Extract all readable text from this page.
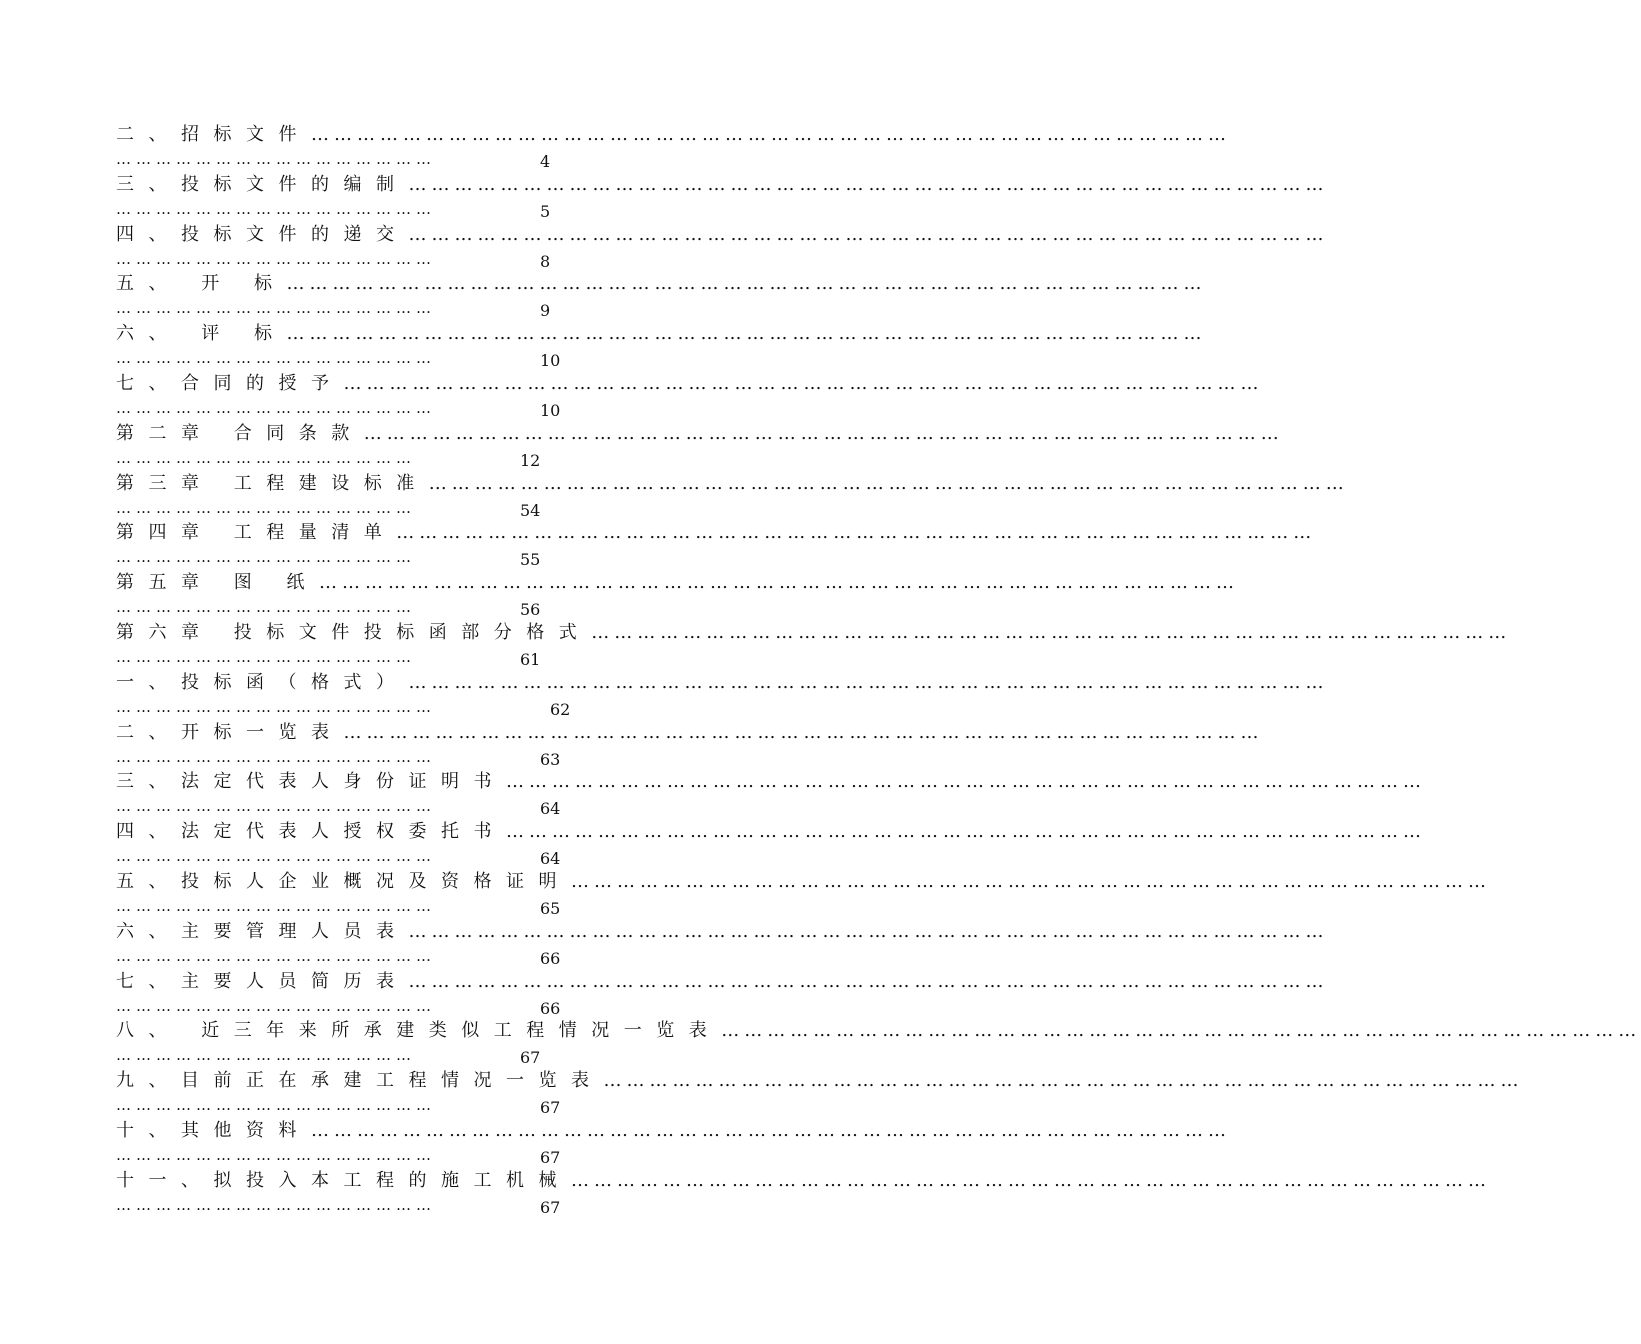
二、招标文件…………………………………………………………………………………………………………
…………………………………………	4
三、投标文件的编制…………………………………………………………………………………………………………
…………………………………………	5
四、投标文件的递交…………………………………………………………………………………………………………
…………………………………………	8
五、 开 标…………………………………………………………………………………………………………
…………………………………………	9
六、 评 标…………………………………………………………………………………………………………
…………………………………………	10
七、合同的授予…………………………………………………………………………………………………………
…………………………………………	10
第二章 合同条款…………………………………………………………………………………………………………
………………………………………	12
第三章 工程建设标准…………………………………………………………………………………………………………
………………………………………	54
第四章 工程量清单…………………………………………………………………………………………………………
………………………………………	55
第五章 图 纸…………………………………………………………………………………………………………
………………………………………	56
第六章 投标文件投标函部分格式…………………………………………………………………………………………………………
………………………………………	61
一、投标函（格式）…………………………………………………………………………………………………………
…………………………………………	62
二、开标一览表…………………………………………………………………………………………………………
…………………………………………	63
三、法定代表人身份证明书…………………………………………………………………………………………………………
…………………………………………	64
四、法定代表人授权委托书…………………………………………………………………………………………………………
…………………………………………	64
五、投标人企业概况及资格证明…………………………………………………………………………………………………………
…………………………………………	65
六、主要管理人员表…………………………………………………………………………………………………………
…………………………………………	66
七、主要人员简历表…………………………………………………………………………………………………………
…………………………………………	66
八、 近三年来所承建类似工程情况一览表…………………………………………………………………………………………………………
………………………………………	67
九、目前正在承建工程情况一览表…………………………………………………………………………………………………………
…………………………………………	67
十、其他资料…………………………………………………………………………………………………………
…………………………………………	67
十一、拟投入本工程的施工机械…………………………………………………………………………………………………………
…………………………………………	67
